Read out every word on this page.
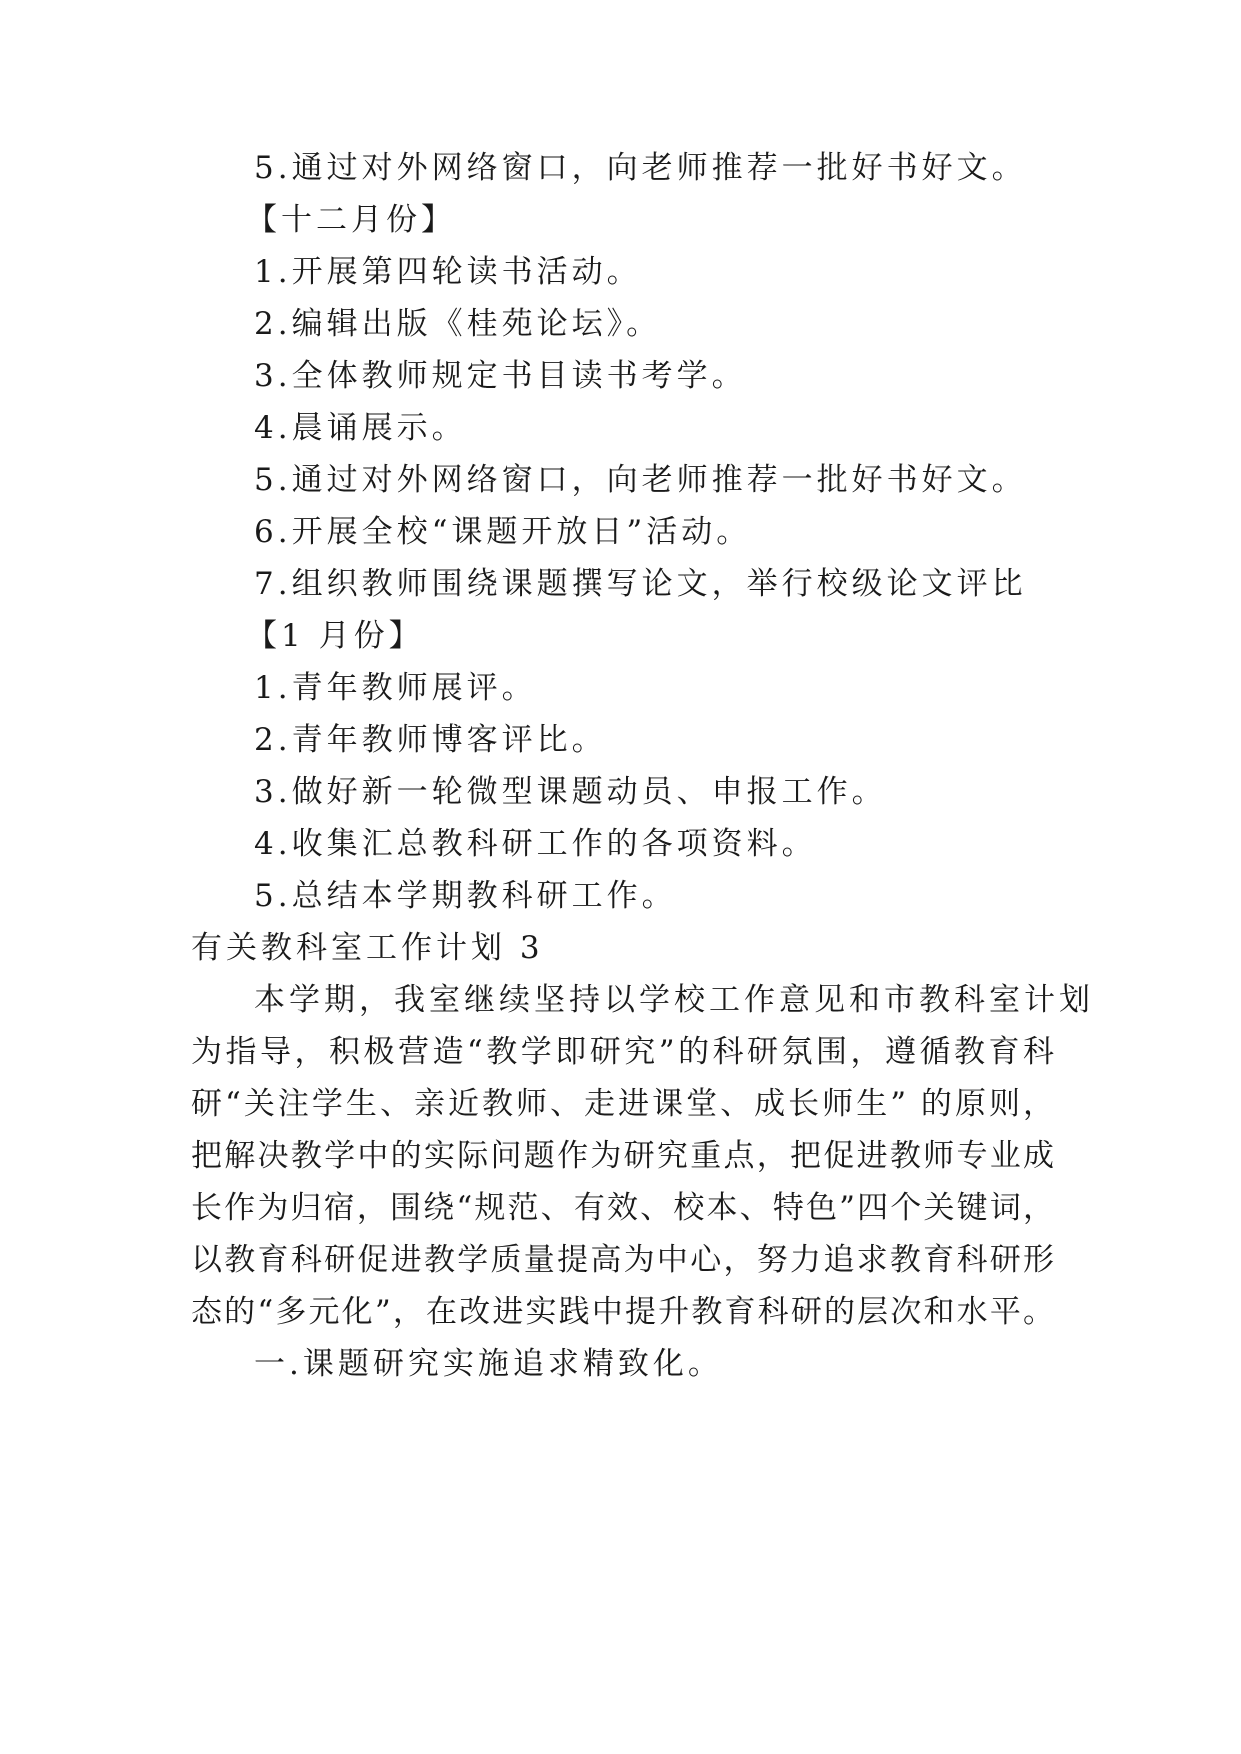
5.通过对外网络窗口，向老师推荐一批好书好文。
【十二月份】
1.开展第四轮读书活动。
2.编辑出版《桂苑论坛》。
3.全体教师规定书目读书考学。
4.晨诵展示。
5.通过对外网络窗口，向老师推荐一批好书好文。
6.开展全校“课题开放日”活动。
7.组织教师围绕课题撰写论文，举行校级论文评比
【1 月份】
1.青年教师展评。
2.青年教师博客评比。
3.做好新一轮微型课题动员、申报工作。
4.收集汇总教科研工作的各项资料。
5.总结本学期教科研工作。
有关教科室工作计划 3
本学期，我室继续坚持以学校工作意见和市教科室计划
为指导，积极营造“教学即研究”的科研氛围，遵循教育科
研“关注学生、亲近教师、走进课堂、成长师生” 的原则，
把解决教学中的实际问题作为研究重点，把促进教师专业成
长作为归宿，围绕“规范、有效、校本、特色”四个关键词，
以教育科研促进教学质量提高为中心，努力追求教育科研形
态的“多元化”，在改进实践中提升教育科研的层次和水平。
一.课题研究实施追求精致化。
